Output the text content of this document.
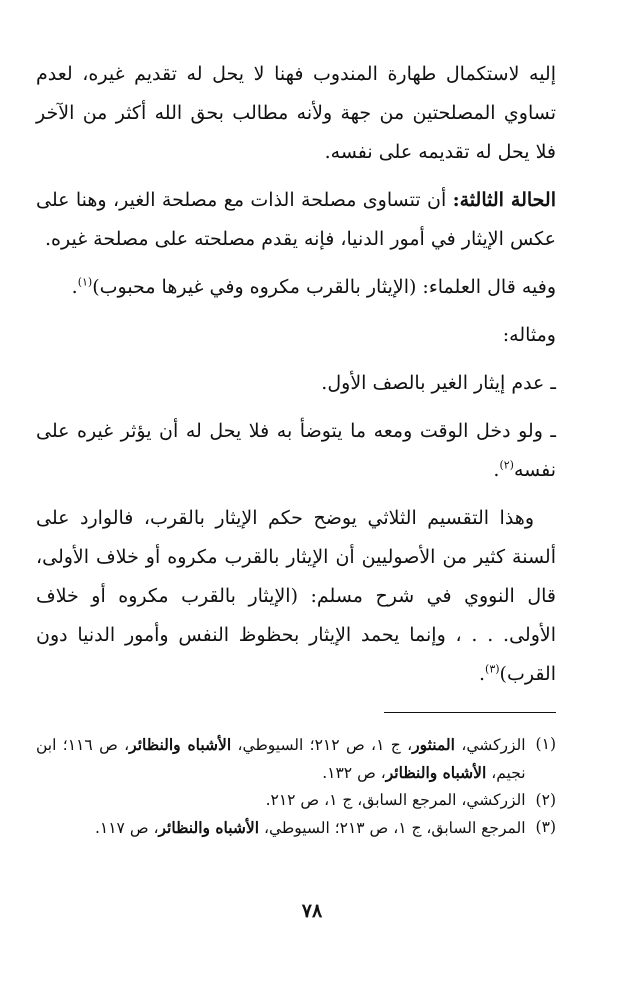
إليه لاستكمال طهارة المندوب فهنا لا يحل له تقديم غيره، لعدم تساوي المصلحتين من جهة ولأنه مطالب بحق الله أكثر من الآخر فلا يحل له تقديمه على نفسه.

الحالة الثالثة: أن تتساوى مصلحة الذات مع مصلحة الغير، وهنا على عكس الإيثار في أمور الدنيا، فإنه يقدم مصلحته على مصلحة غيره.

وفيه قال العلماء: (الإيثار بالقرب مكروه وفي غيرها محبوب)$^{(١)}$.

ومثاله:

ـ عدم إيثار الغير بالصف الأول.

ـ ولو دخل الوقت ومعه ما يتوضأ به فلا يحل له أن يؤثر غيره على نفسه$^{(٢)}$.

وهذا التقسيم الثلاثي يوضح حكم الإيثار بالقرب، فالوارد على ألسنة كثير من الأصوليين أن الإيثار بالقرب مكروه أو خلاف الأولى، قال النووي في شرح مسلم: (الإيثار بالقرب مكروه أو خلاف الأولى. . . ، وإنما يحمد الإيثار بحظوظ النفس وأمور الدنيا دون القرب)$^{(٣)}$.

(١)
الزركشي، المنثور، ج ١، ص ٢١٢؛ السيوطي، الأشباه والنظائر، ص ١١٦؛ ابن نجيم، الأشباه والنظائر، ص ١٣٢.
(٢)
الزركشي، المرجع السابق، ج ١، ص ٢١٢.
(٣)
المرجع السابق، ج ١، ص ٢١٣؛ السيوطي، الأشباه والنظائر، ص ١١٧.
٧٨
